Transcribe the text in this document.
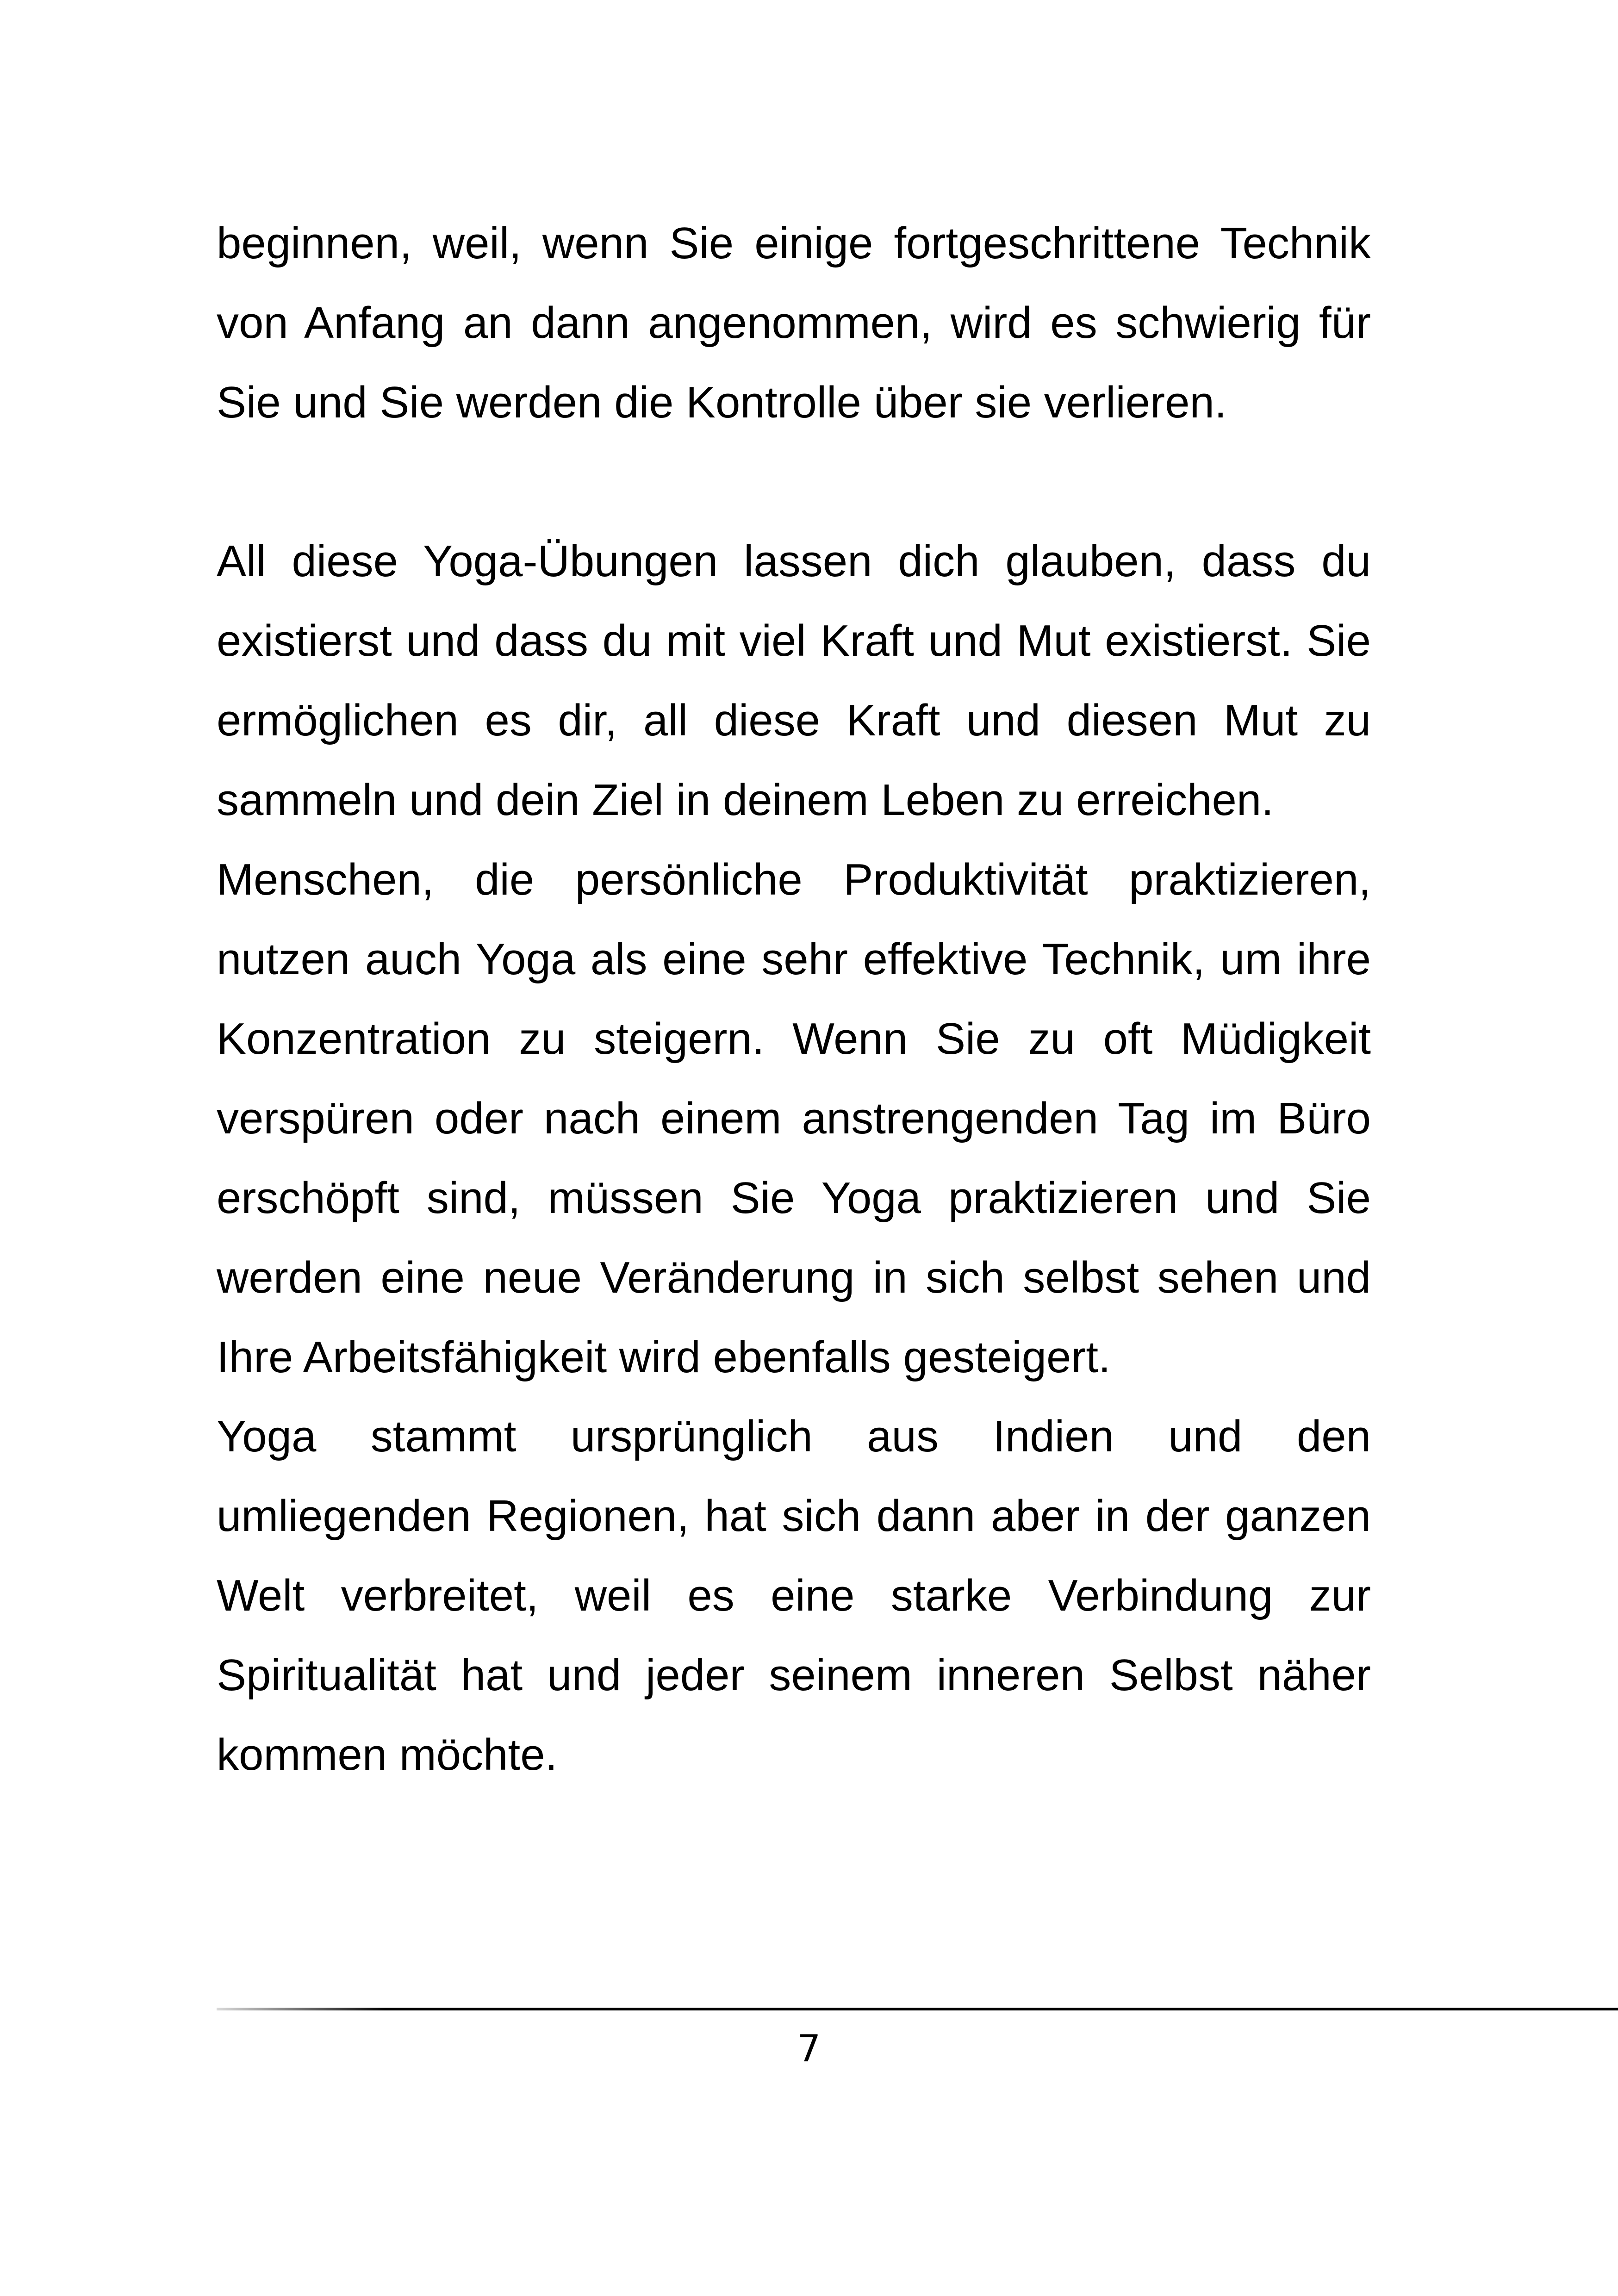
beginnen, weil, wenn Sie einige fortgeschrittene Technik
von Anfang an dann angenommen, wird es schwierig für
Sie und Sie werden die Kontrolle über sie verlieren.
All diese Yoga-Übungen lassen dich glauben, dass du
existierst und dass du mit viel Kraft und Mut existierst. Sie
ermöglichen es dir, all diese Kraft und diesen Mut zu
sammeln und dein Ziel in deinem Leben zu erreichen.
Menschen, die persönliche Produktivität praktizieren,
nutzen auch Yoga als eine sehr effektive Technik, um ihre
Konzentration zu steigern. Wenn Sie zu oft Müdigkeit
verspüren oder nach einem anstrengenden Tag im Büro
erschöpft sind, müssen Sie Yoga praktizieren und Sie
werden eine neue Veränderung in sich selbst sehen und
Ihre Arbeitsfähigkeit wird ebenfalls gesteigert.
Yoga stammt ursprünglich aus Indien und den
umliegenden Regionen, hat sich dann aber in der ganzen
Welt verbreitet, weil es eine starke Verbindung zur
Spiritualität hat und jeder seinem inneren Selbst näher
kommen möchte.
7
